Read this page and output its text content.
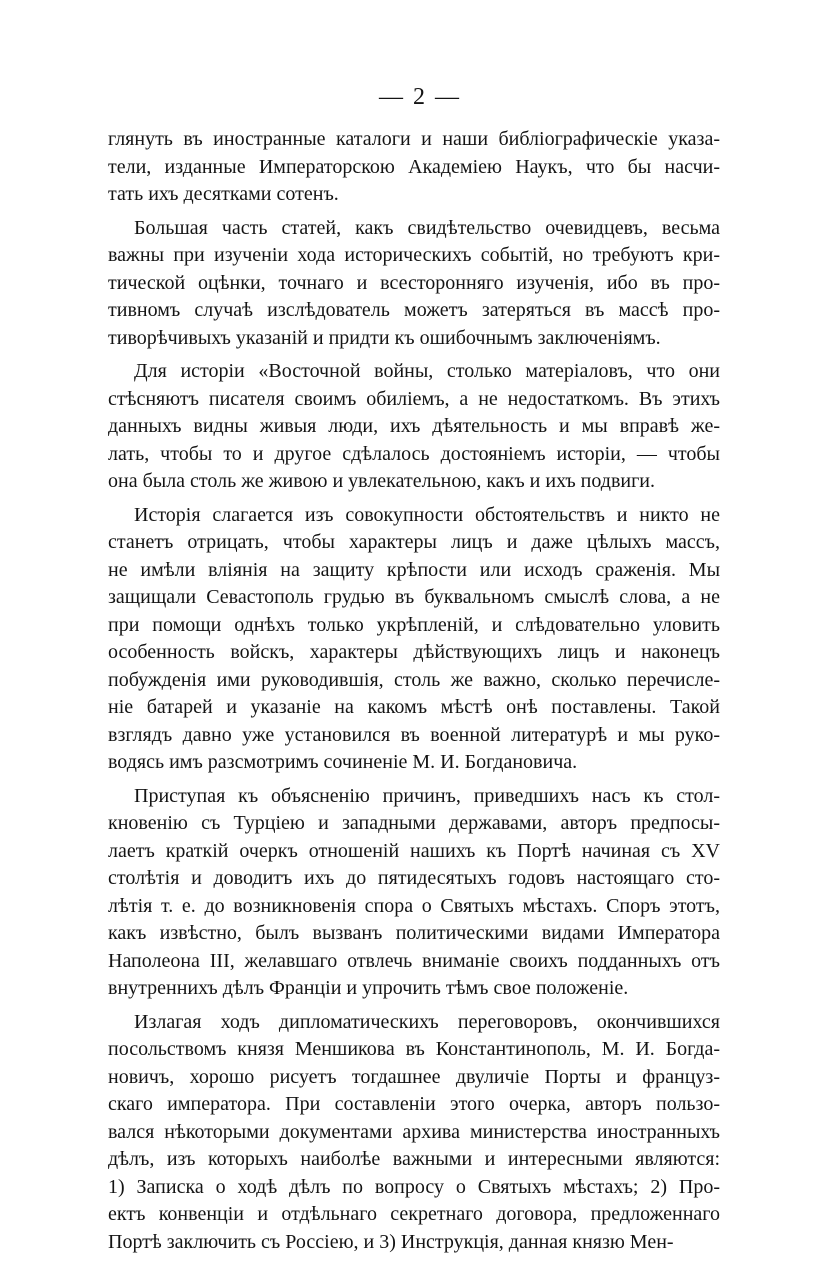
— 2 —
глянуть въ иностранные каталоги и наши библiографическiе указа-
тели, изданные Императорскою Академiею Наукъ, что бы насчи-
тать ихъ десятками сотенъ.
Большая часть статей, какъ свидѣтельство очевидцевъ, весьма
важны при изученiи хода историческихъ событiй, но требуютъ кри-
тической оцѣнки, точнаго и всесторонняго изученiя, ибо въ про-
тивномъ случаѣ изслѣдователь можетъ затеряться въ массѣ про-
тиворѣчивыхъ указанiй и придти къ ошибочнымъ заключенiямъ.
Для исторiи «Восточной войны, столько матерiаловъ, что они
стѣсняютъ писателя своимъ обилiемъ, а не недостаткомъ. Въ этихъ
данныхъ видны живыя люди, ихъ дѣятельность и мы вправѣ же-
лать, чтобы то и другое сдѣлалось достоянiемъ исторiи, — чтобы
она была столь же живою и увлекательною, какъ и ихъ подвиги.
Исторiя слагается изъ совокупности обстоятельствъ и никто не
станетъ отрицать, чтобы характеры лицъ и даже цѣлыхъ массъ,
не имѣли влiянiя на защиту крѣпости или исходъ сраженiя. Мы
защищали Севастополь грудью въ буквальномъ смыслѣ слова, а не
при помощи однѣхъ только укрѣпленiй, и слѣдовательно уловить
особенность войскъ, характеры дѣйствующихъ лицъ и наконецъ
побужденiя ими руководившiя, столь же важно, сколько перечисле-
нiе батарей и указанiе на какомъ мѣстѣ онѣ поставлены. Такой
взглядъ давно уже установился въ военной литературѣ и мы руко-
водясь имъ разсмотримъ сочиненiе М. И. Богдановича.
Приступая къ объясненiю причинъ, приведшихъ насъ къ стол-
кновенiю съ Турцiею и западными державами, авторъ предпосы-
лаетъ краткiй очеркъ отношенiй нашихъ къ Портѣ начиная съ XV
столѣтiя и доводитъ ихъ до пятидесятыхъ годовъ настоящаго сто-
лѣтiя т. е. до возникновенiя спора о Святыхъ мѣстахъ. Споръ этотъ,
какъ извѣстно, былъ вызванъ политическими видами Императора
Наполеона III, желавшаго отвлечь вниманiе своихъ подданныхъ отъ
внутреннихъ дѣлъ Францiи и упрочить тѣмъ свое положенiе.
Излагая ходъ дипломатическихъ переговоровъ, окончившихся
посольствомъ князя Меншикова въ Константинополь, М. И. Богда-
новичъ, хорошо рисуетъ тогдашнее двуличiе Порты и француз-
скаго императора. При составленiи этого очерка, авторъ пользо-
вался нѣкоторыми документами архива министерства иностранныхъ
дѣлъ, изъ которыхъ наиболѣе важными и интересными являются:
1) Записка о ходѣ дѣлъ по вопросу о Святыхъ мѣстахъ; 2) Про-
ектъ конвенцiи и отдѣльнаго секретнаго договора, предложеннаго
Портѣ заключить съ Россiею, и 3) Инструкцiя, данная князю Мен-
